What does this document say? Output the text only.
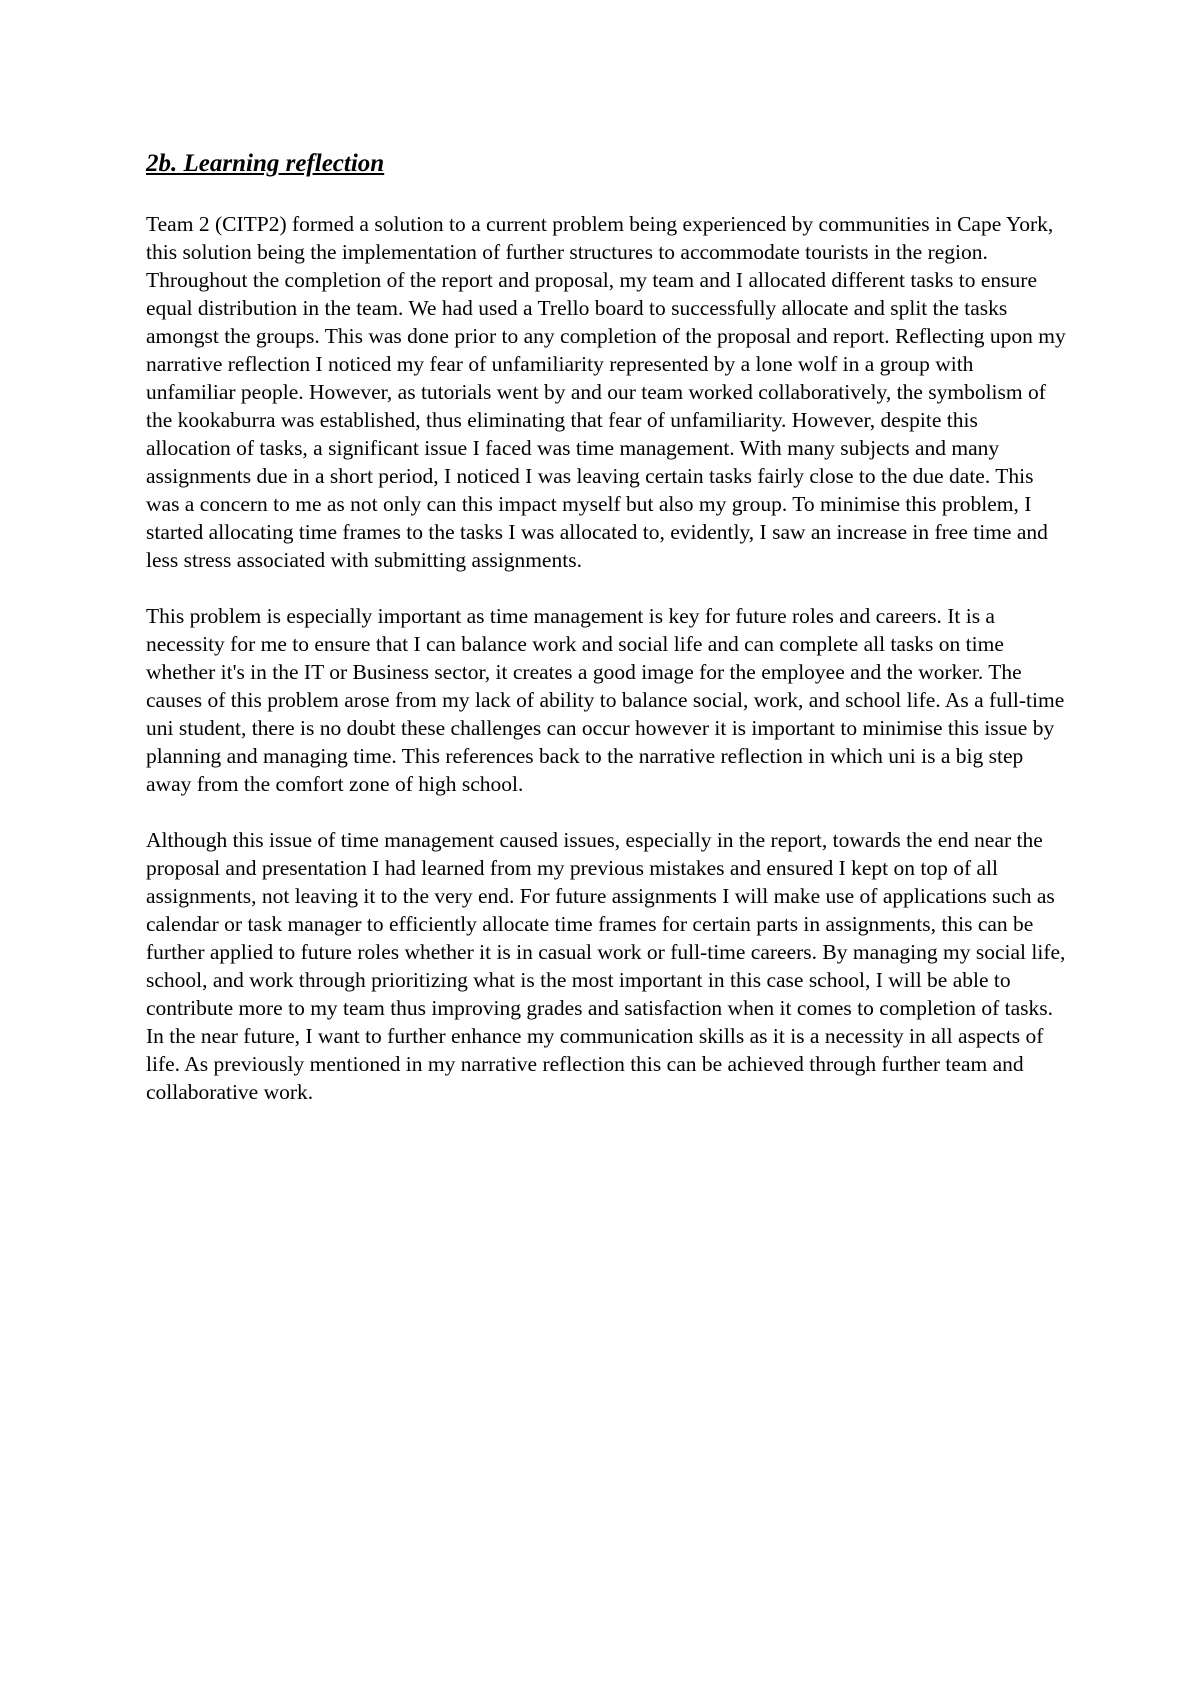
2b. Learning reflection

Team 2 (CITP2) formed a solution to a current problem being experienced by communities in Cape York, this solution being the implementation of further structures to accommodate tourists in the region. Throughout the completion of the report and proposal, my team and I allocated different tasks to ensure equal distribution in the team. We had used a Trello board to successfully allocate and split the tasks amongst the groups. This was done prior to any completion of the proposal and report. Reflecting upon my narrative reflection I noticed my fear of unfamiliarity represented by a lone wolf in a group with unfamiliar people. However, as tutorials went by and our team worked collaboratively, the symbolism of the kookaburra was established, thus eliminating that fear of unfamiliarity. However, despite this allocation of tasks, a significant issue I faced was time management. With many subjects and many assignments due in a short period, I noticed I was leaving certain tasks fairly close to the due date. This was a concern to me as not only can this impact myself but also my group. To minimise this problem, I started allocating time frames to the tasks I was allocated to, evidently, I saw an increase in free time and less stress associated with submitting assignments.

This problem is especially important as time management is key for future roles and careers. It is a necessity for me to ensure that I can balance work and social life and can complete all tasks on time whether it's in the IT or Business sector, it creates a good image for the employee and the worker. The causes of this problem arose from my lack of ability to balance social, work, and school life. As a full-time uni student, there is no doubt these challenges can occur however it is important to minimise this issue by planning and managing time. This references back to the narrative reflection in which uni is a big step away from the comfort zone of high school.

Although this issue of time management caused issues, especially in the report, towards the end near the proposal and presentation I had learned from my previous mistakes and ensured I kept on top of all assignments, not leaving it to the very end. For future assignments I will make use of applications such as calendar or task manager to efficiently allocate time frames for certain parts in assignments, this can be further applied to future roles whether it is in casual work or full-time careers. By managing my social life, school, and work through prioritizing what is the most important in this case school, I will be able to contribute more to my team thus improving grades and satisfaction when it comes to completion of tasks. In the near future, I want to further enhance my communication skills as it is a necessity in all aspects of life. As previously mentioned in my narrative reflection this can be achieved through further team and collaborative work.
